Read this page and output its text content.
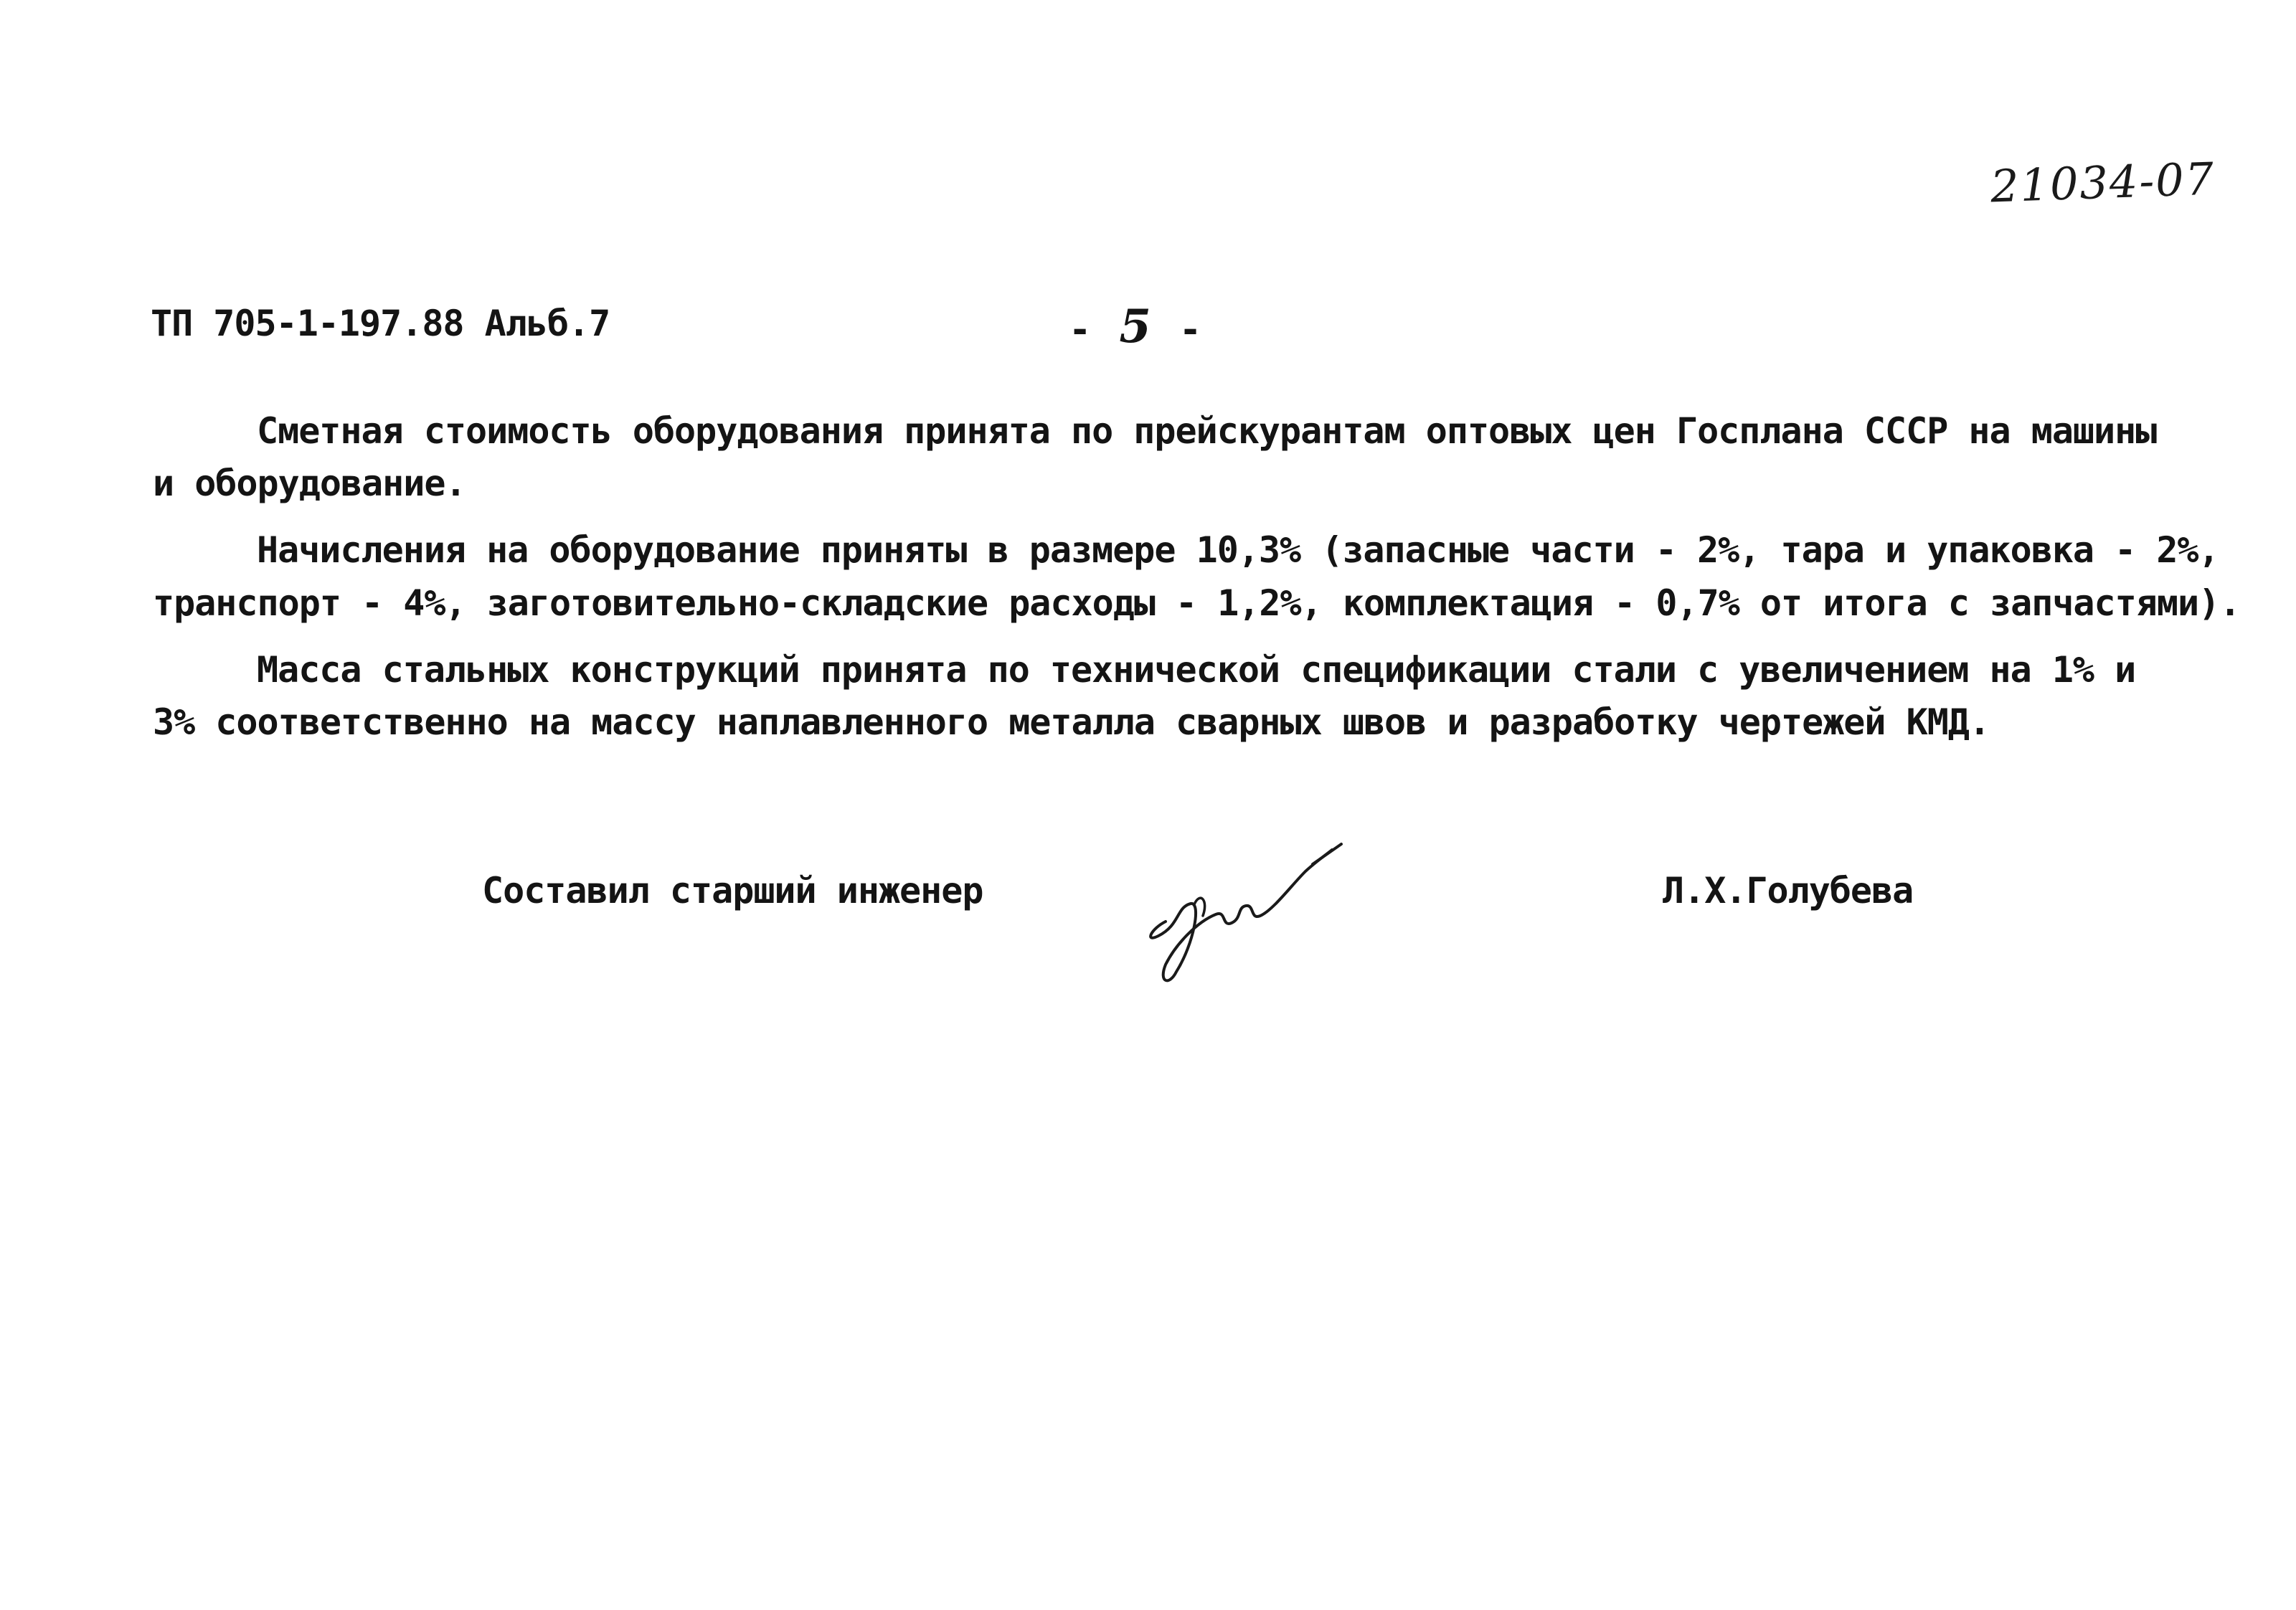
21034-07
ТП 705-1-197.88 Альб.7	- 5 -
Сметная стоимость оборудования принята по прейскурантам оптовых цен Госплана СССР на машины
и оборудование.
Начисления на оборудование приняты в размере 10,3% (запасные части - 2%, тара и упаковка - 2%,
транспорт - 4%, заготовительно-складские расходы - 1,2%, комплектация - 0,7% от итога с запчастями).
Масса стальных конструкций принята по технической спецификации стали с увеличением на 1% и
3% соответственно на массу наплавленного металла сварных швов и разработку чертежей КМД.
Составил старший инженер	Л.Х.Голубева
